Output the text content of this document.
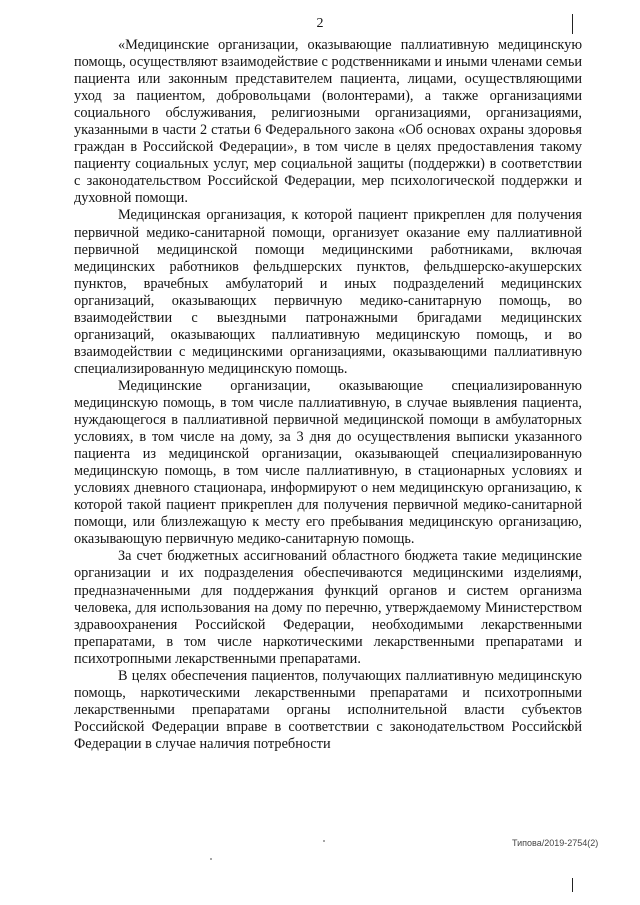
2

«Медицинские организации, оказывающие паллиативную медицинскую помощь, осуществляют взаимодействие с родственниками и иными членами семьи пациента или законным представителем пациента, лицами, осуществляющими уход за пациентом, добровольцами (волонтерами), а также организациями социального обслуживания, религиозными организациями, организациями, указанными в части 2 статьи 6 Федерального закона «Об основах охраны здоровья граждан в Российской Федерации», в том числе в целях предоставления такому пациенту социальных услуг, мер социальной защиты (поддержки) в соответствии с законодательством Российской Федерации, мер психологической поддержки и духовной помощи.

Медицинская организация, к которой пациент прикреплен для получения первичной медико-санитарной помощи, организует оказание ему паллиативной первичной медицинской помощи медицинскими работниками, включая медицинских работников фельдшерских пунктов, фельдшерско-акушерских пунктов, врачебных амбулаторий и иных подразделений медицинских организаций, оказывающих первичную медико-санитарную помощь, во взаимодействии с выездными патронажными бригадами медицинских организаций, оказывающих паллиативную медицинскую помощь, и во взаимодействии с медицинскими организациями, оказывающими паллиативную специализированную медицинскую помощь.

Медицинские организации, оказывающие специализированную медицинскую помощь, в том числе паллиативную, в случае выявления пациента, нуждающегося в паллиативной первичной медицинской помощи в амбулаторных условиях, в том числе на дому, за 3 дня до осуществления выписки указанного пациента из медицинской организации, оказывающей специализированную медицинскую помощь, в том числе паллиативную, в стационарных условиях и условиях дневного стационара, информируют о нем медицинскую организацию, к которой такой пациент прикреплен для получения первичной медико-санитарной помощи, или близлежащую к месту его пребывания медицинскую организацию, оказывающую первичную медико-санитарную помощь.

За счет бюджетных ассигнований областного бюджета такие медицинские организации и их подразделения обеспечиваются медицинскими изделиями, предназначенными для поддержания функций органов и систем организма человека, для использования на дому по перечню, утверждаемому Министерством здравоохранения Российской Федерации, необходимыми лекарственными препаратами, в том числе наркотическими лекарственными препаратами и психотропными лекарственными препаратами.

В целях обеспечения пациентов, получающих паллиативную медицинскую помощь, наркотическими лекарственными препаратами и психотропными лекарственными препаратами органы исполнительной власти субъектов Российской Федерации вправе в соответствии с законодательством Российской Федерации в случае наличия потребности

Типова/2019-2754(2)
